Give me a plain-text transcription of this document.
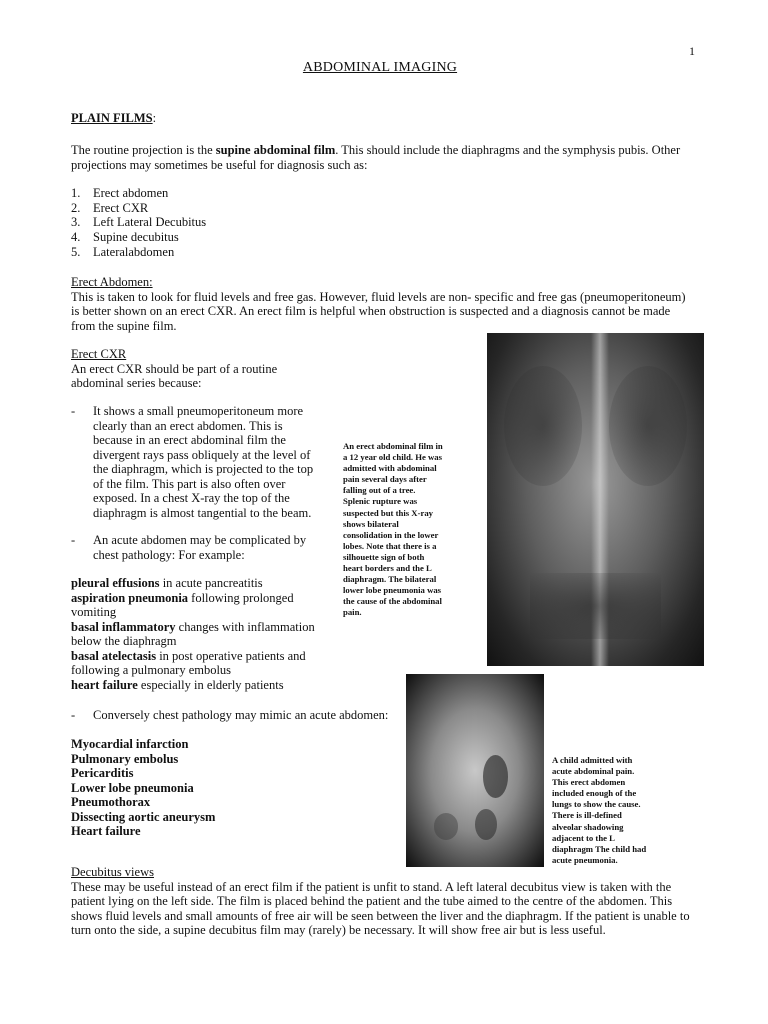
1
ABDOMINAL IMAGING
PLAIN FILMS:
The routine projection is the supine abdominal film. This should include the diaphragms and the symphysis pubis. Other
projections may sometimes be useful for diagnosis such as:
1.	Erect abdomen
2.	Erect CXR
3.	Left Lateral Decubitus
4.	Supine decubitus
5.	Lateralabdomen
Erect Abdomen:
This is taken to look for fluid levels and free gas. However, fluid levels are non- specific and free gas (pneumoperitoneum)
is better shown on an erect CXR. An erect film is helpful when obstruction is suspected and a diagnosis cannot be made
from the supine film.
Erect CXR
An erect CXR should be part of a routine
abdominal series because:
-	It shows a small pneumoperitoneum more
clearly than an erect abdomen. This is
because in an erect abdominal film the
divergent rays pass obliquely at the level of
the diaphragm, which is projected to the top
of the film. This part is also often over
exposed. In a chest X-ray the top of the
diaphragm is almost tangential to the beam.
-	An acute abdomen may be complicated by
chest pathology: For example:
pleural effusions in acute pancreatitis
aspiration pneumonia following prolonged
vomiting
basal inflammatory changes with inflammation
below the diaphragm
basal atelectasis in post operative patients and
following a pulmonary embolus
heart failure especially in elderly patients
An erect abdominal film in
a 12 year old child. He was
admitted with abdominal
pain several days after
falling out of a tree.
Splenic rupture was
suspected but this X-ray
shows bilateral
consolidation in the lower
lobes. Note that there is a
silhouette sign of both
heart borders and the L
diaphragm. The bilateral
lower lobe pneumonia was
the cause of the abdominal
pain.
-	Conversely chest pathology may mimic an acute abdomen:
Myocardial infarction
Pulmonary embolus
Pericarditis
Lower lobe pneumonia
Pneumothorax
Dissecting aortic aneurysm
Heart failure
A child admitted with
acute abdominal pain.
This erect abdomen
included enough of the
lungs to show the cause.
There is ill-defined
alveolar shadowing
adjacent to the L
diaphragm The child had
acute pneumonia.
Decubitus views
These may be useful instead of an erect film if the patient is unfit to stand. A left lateral decubitus view is taken with the
patient lying on the left side. The film is placed behind the patient and the tube aimed to the centre of the abdomen. This
shows fluid levels and small amounts of free air will be seen between the liver and the diaphragm. If the patient is unable to
turn onto the side, a supine decubitus film may (rarely) be necessary. It will show free air but is less useful.
